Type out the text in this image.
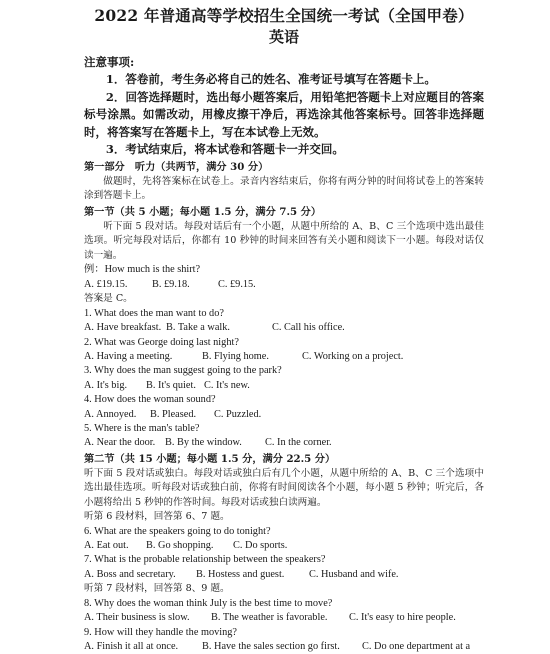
2022 年普通高等学校招生全国统一考试（全国甲卷）

英语

注意事项:

1．答卷前，考生务必将自己的姓名、准考证号填写在答题卡上。

2．回答选择题时，选出每小题答案后，用铅笔把答题卡上对应题目的答案标号涂黑。如需改动，用橡皮擦干净后，再选涂其他答案标号。回答非选择题时，将答案写在答题卡上，写在本试卷上无效。

3．考试结束后，将本试卷和答题卡一并交回。

第一部分　听力（共两节，满分 30 分）

做题时，先将答案标在试卷上。录音内容结束后，你将有两分钟的时间将试卷上的答案转涂到答题卡上。

第一节（共 5 小题；每小题 1.5 分，满分 7.5 分）

听下面 5 段对话。每段对话后有一个小题，从题中所给的 A、B、C 三个选项中选出最佳选项。听完每段对话后，你都有 10 秒钟的时间来回答有关小题和阅读下一小题。每段对话仅读一遍。

例：How much is the shirt?

A. £19.15.	B. £9.18.	C. £9.15.

答案是 C。

1. What does the man want to do?

A. Have breakfast. B. Take a walk.	C. Call his office.

2. What was George doing last night?

A. Having a meeting.	B. Flying home.	C. Working on a project.

3. Why does the man suggest going to the park?

A. It's big.	B. It's quiet. C. It's new.

4. How does the woman sound?

A. Annoyed.	B. Pleased.	C. Puzzled.

5. Where is the man's table?

A. Near the door. B. By the window.	C. In the corner.

第二节（共 15 小题；每小题 1.5 分，满分 22.5 分）

听下面 5 段对话或独白。每段对话或独白后有几个小题，从题中所给的 A、B、C 三个选项中选出最佳选项。听每段对话或独白前，你将有时间阅读各个小题，每小题 5 秒钟；听完后，各小题将给出 5 秒钟的作答时间。每段对话或独白读两遍。

听第 6 段材料，回答第 6、7 题。

6. What are the speakers going to do tonight?

A. Eat out.	B. Go shopping.	C. Do sports.

7. What is the probable relationship between the speakers?

A. Boss and secretary.	B. Hostess and guest.	C. Husband and wife.

听第 7 段材料，回答第 8、9 题。

8. Why does the woman think July is the best time to move?

A. Their business is slow.	B. The weather is favorable.	C. It's easy to hire people.

9. How will they handle the moving?

A. Finish it all at once.	B. Have the sales section go first.	C. Do one department at a
